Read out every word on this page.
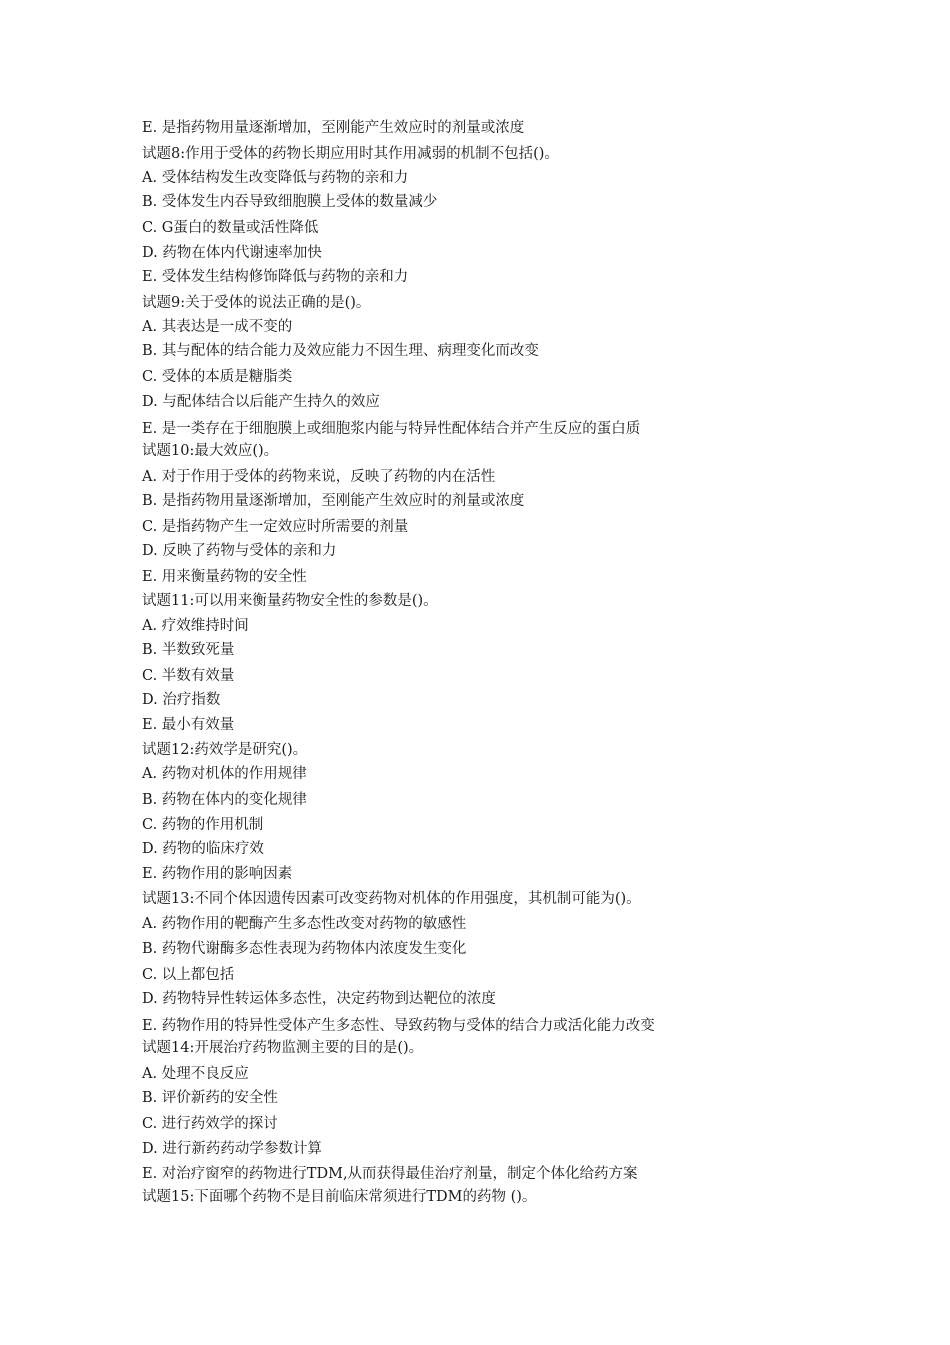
E. 是指药物用量逐渐增加，至刚能产生效应时的剂量或浓度
试题8:作用于受体的药物长期应用时其作用减弱的机制不包括()。
A. 受体结构发生改变降低与药物的亲和力
B. 受体发生内吞导致细胞膜上受体的数量减少
C. G蛋白的数量或活性降低
D. 药物在体内代谢速率加快
E. 受体发生结构修饰降低与药物的亲和力
试题9:关于受体的说法正确的是()。
A. 其表达是一成不变的
B. 其与配体的结合能力及效应能力不因生理、病理变化而改变
C. 受体的本质是糖脂类
D. 与配体结合以后能产生持久的效应
E. 是一类存在于细胞膜上或细胞浆内能与特异性配体结合并产生反应的蛋白质
试题10:最大效应()。
A. 对于作用于受体的药物来说，反映了药物的内在活性
B. 是指药物用量逐渐增加，至刚能产生效应时的剂量或浓度
C. 是指药物产生一定效应时所需要的剂量
D. 反映了药物与受体的亲和力
E. 用来衡量药物的安全性
试题11:可以用来衡量药物安全性的参数是()。
A. 疗效维持时间
B. 半数致死量
C. 半数有效量
D. 治疗指数
E. 最小有效量
试题12:药效学是研究()。
A. 药物对机体的作用规律
B. 药物在体内的变化规律
C. 药物的作用机制
D. 药物的临床疗效
E. 药物作用的影响因素
试题13:不同个体因遗传因素可改变药物对机体的作用强度，其机制可能为()。
A. 药物作用的靶酶产生多态性改变对药物的敏感性
B. 药物代谢酶多态性表现为药物体内浓度发生变化
C. 以上都包括
D. 药物特异性转运体多态性，决定药物到达靶位的浓度
E. 药物作用的特异性受体产生多态性、导致药物与受体的结合力或活化能力改变
试题14:开展治疗药物监测主要的目的是()。
A. 处理不良反应
B. 评价新药的安全性
C. 进行药效学的探讨
D. 进行新药药动学参数计算
E. 对治疗窗窄的药物进行TDM,从而获得最佳治疗剂量，制定个体化给药方案
试题15:下面哪个药物不是目前临床常须进行TDM的药物 ()。
